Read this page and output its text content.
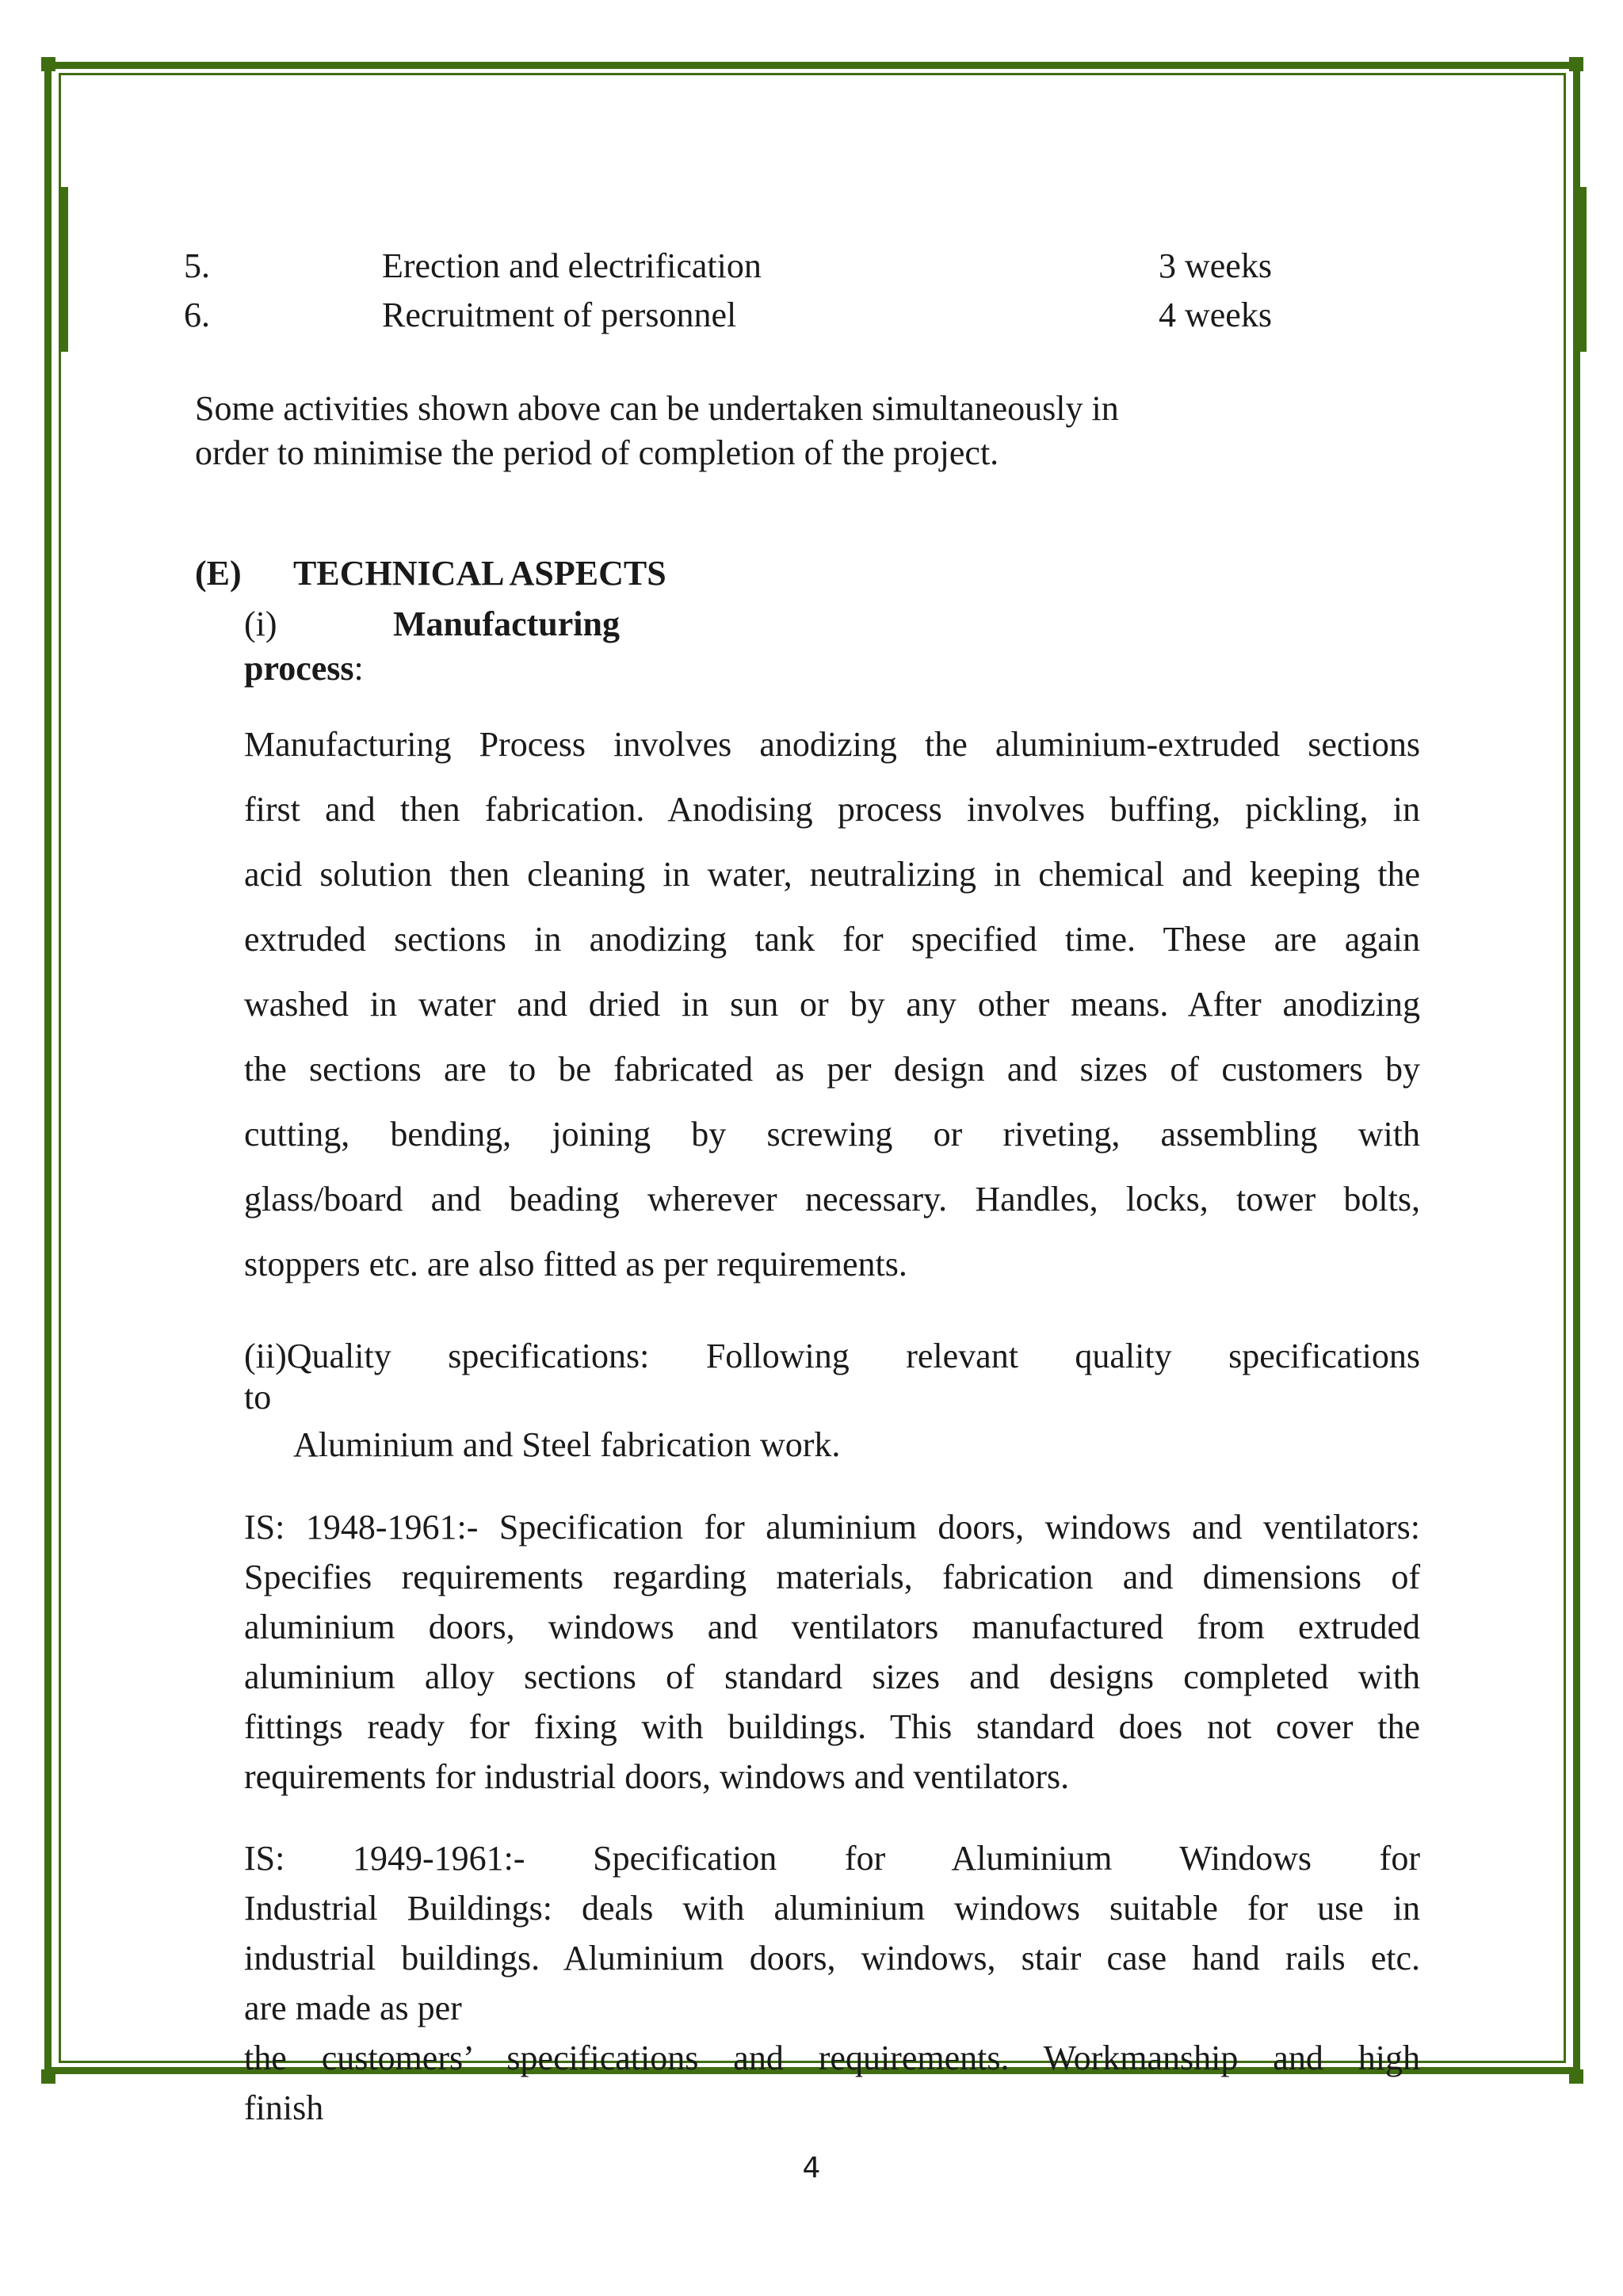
5.	Erection and electrification	3 weeks
6.	Recruitment of personnel	4 weeks
Some activities shown above can be undertaken simultaneously in
order to minimise the period of completion of the project.
(E) TECHNICAL ASPECTS
(i)	Manufacturing
process:
Manufacturing Process involves anodizing the aluminium-extruded sections
first and then fabrication. Anodising process involves buffing, pickling, in
acid solution then cleaning in water, neutralizing in chemical and keeping the
extruded sections in anodizing tank for specified time. These are again
washed in water and dried in sun or by any other means. After anodizing
the sections are to be fabricated as per design and sizes of customers by
cutting, bending, joining by screwing or riveting, assembling with
glass/board and beading wherever necessary. Handles, locks, tower bolts,
stoppers etc. are also fitted as per requirements.
(ii)Quality specifications: Following relevant quality specifications
to
Aluminium and Steel fabrication work.
IS: 1948-1961:- Specification for aluminium doors, windows and ventilators:
Specifies requirements regarding materials, fabrication and dimensions of
aluminium doors, windows and ventilators manufactured from extruded
aluminium alloy sections of standard sizes and designs completed with
fittings ready for fixing with buildings. This standard does not cover the
requirements for industrial doors, windows and ventilators.
IS: 1949-1961:- Specification for Aluminium Windows for
Industrial Buildings: deals with aluminium windows suitable for use in
industrial buildings. Aluminium doors, windows, stair case hand rails etc.
are made as per
the customers’ specifications and requirements. Workmanship and high
finish
4
